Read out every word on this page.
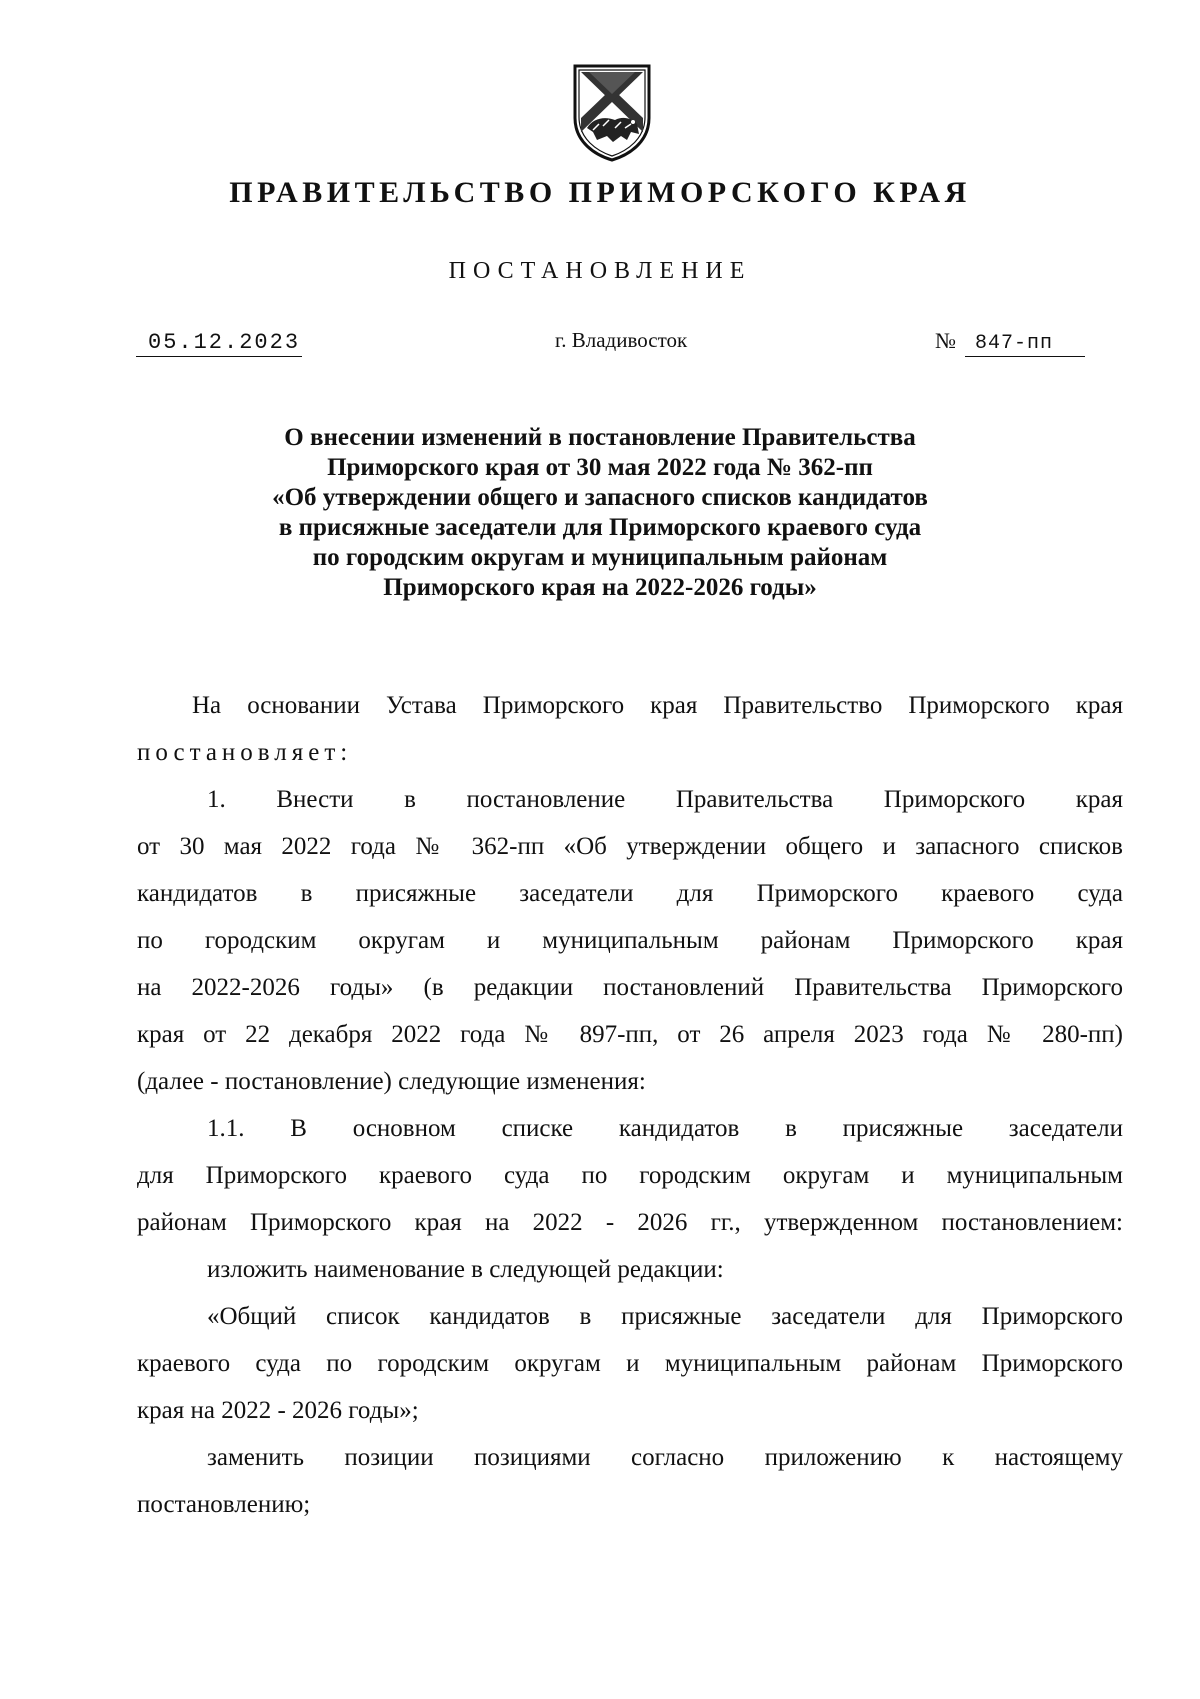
ПРАВИТЕЛЬСТВО ПРИМОРСКОГО КРАЯ
ПОСТАНОВЛЕНИЕ
05.12.2023	г. Владивосток	№ 847-пп
О внесении изменений в постановление Правительства
Приморского края от 30 мая 2022 года № 362-пп
«Об утверждении общего и запасного списков кандидатов
в присяжные заседатели для Приморского краевого суда
по городским округам и муниципальным районам
Приморского края на 2022-2026 годы»

На основании Устава Приморского края Правительство Приморского края

постановляет:

1. Внести в постановление Правительства Приморского края

от 30 мая 2022 года № 362-пп «Об утверждении общего и запасного списков

кандидатов в присяжные заседатели для Приморского краевого суда

по городским округам и муниципальным районам Приморского края

на 2022-2026 годы» (в редакции постановлений Правительства Приморского

края от 22 декабря 2022 года № 897-пп, от 26 апреля 2023 года № 280-пп)

(далее - постановление) следующие изменения:

1.1. В основном списке кандидатов в присяжные заседатели

для Приморского краевого суда по городским округам и муниципальным

районам Приморского края на 2022 - 2026 гг., утвержденном постановлением:

изложить наименование в следующей редакции:

«Общий список кандидатов в присяжные заседатели для Приморского

краевого суда по городским округам и муниципальным районам Приморского

края на 2022 - 2026 годы»;

заменить позиции позициями согласно приложению к настоящему

постановлению;
